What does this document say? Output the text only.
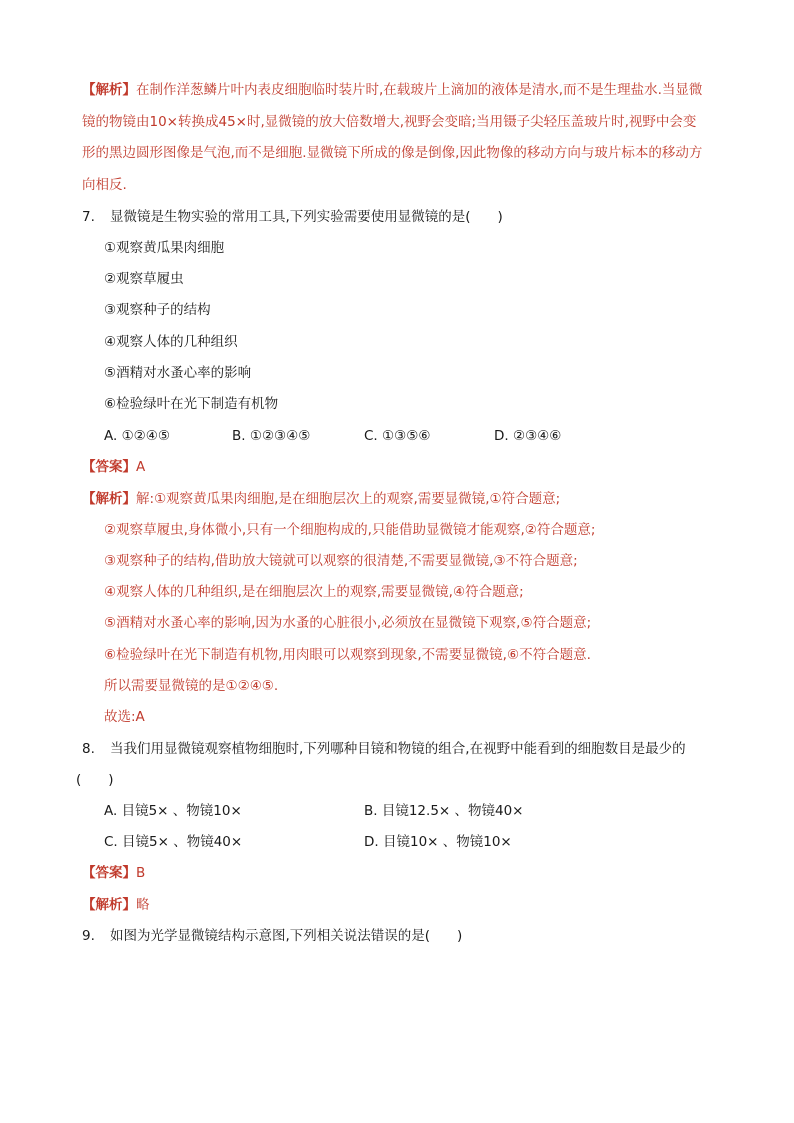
【解析】在制作洋葱鳞片叶内表皮细胞临时装片时,在载玻片上滴加的液体是清水,而不是生理盐水.当显微
镜的物镜由10×转换成45×时,显微镜的放大倍数增大,视野会变暗;当用镊子尖轻压盖玻片时,视野中会变
形的黑边圆形图像是气泡,而不是细胞.显微镜下所成的像是倒像,因此物像的移动方向与玻片标本的移动方
向相反.
7. 显微镜是生物实验的常用工具,下列实验需要使用显微镜的是(　　)
①观察黄瓜果肉细胞
②观察草履虫
③观察种子的结构
④观察人体的几种组织
⑤酒精对水蚤心率的影响
⑥检验绿叶在光下制造有机物
A. ①②④⑤	B. ①②③④⑤	C. ①③⑤⑥	D. ②③④⑥
【答案】A
【解析】解:①观察黄瓜果肉细胞,是在细胞层次上的观察,需要显微镜,①符合题意;
②观察草履虫,身体微小,只有一个细胞构成的,只能借助显微镜才能观察,②符合题意;
③观察种子的结构,借助放大镜就可以观察的很清楚,不需要显微镜,③不符合题意;
④观察人体的几种组织,是在细胞层次上的观察,需要显微镜,④符合题意;
⑤酒精对水蚤心率的影响,因为水蚤的心脏很小,必须放在显微镜下观察,⑤符合题意;
⑥检验绿叶在光下制造有机物,用肉眼可以观察到现象,不需要显微镜,⑥不符合题意.
所以需要显微镜的是①②④⑤.
故选:A
8. 当我们用显微镜观察植物细胞时,下列哪种目镜和物镜的组合,在视野中能看到的细胞数目是最少的
(　　)
A. 目镜5× 、物镜10×	B. 目镜12.5× 、物镜40×
C. 目镜5× 、物镜40×	D. 目镜10× 、物镜10×
【答案】B
【解析】略
9. 如图为光学显微镜结构示意图,下列相关说法错误的是(　　)
